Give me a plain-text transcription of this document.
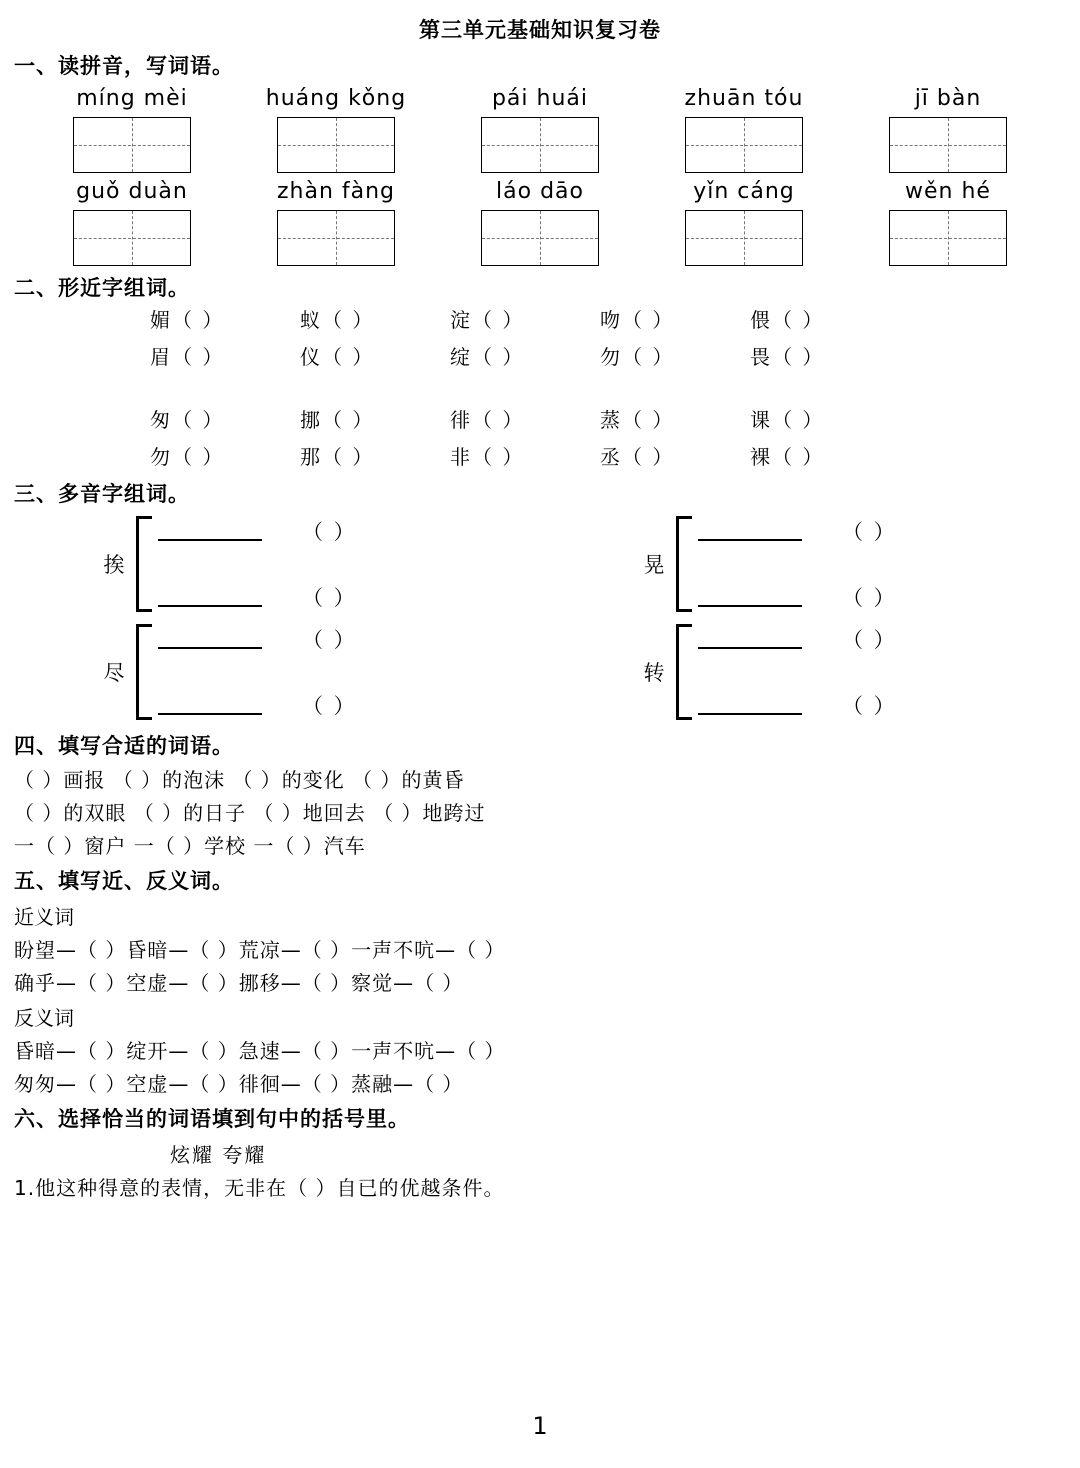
第三单元基础知识复习卷
一、读拼音，写词语。
míng mèi	huáng kǒng	pái huái	zhuān tóu	jī bàn
guǒ duàn	zhàn fàng	láo dāo	yǐn cáng	wěn hé
二、形近字组词。
媚（ ）	蚁（ ）	淀（ ）	吻（ ）	偎（ ）
眉（ ）	仪（ ）	绽（ ）	勿（ ）	畏（ ）
匆（ ）	挪（ ）	徘（ ）	蒸（ ）	课（ ）
勿（ ）	那（ ）	非（ ）	丞（ ）	裸（ ）
三、多音字组词。
挨
（ ）
（ ）
晃
（ ）
（ ）
尽
（ ）
（ ）
转
（ ）
（ ）
四、填写合适的词语。
（ ）画报 （ ）的泡沫 （ ）的变化 （ ）的黄昏
（ ）的双眼 （ ）的日子 （ ）地回去 （ ）地跨过
一（ ）窗户 一（ ）学校 一（ ）汽车
五、填写近、反义词。
近义词
盼望—（ ）昏暗—（ ）荒凉—（ ）一声不吭—（ ）
确乎—（ ）空虚—（ ）挪移—（ ）察觉—（ ）
反义词
昏暗—（ ）绽开—（ ）急速—（ ）一声不吭—（ ）
匆匆—（ ）空虚—（ ）徘徊—（ ）蒸融—（ ）
六、选择恰当的词语填到句中的括号里。
炫耀 夸耀
1.他这种得意的表情，无非在（ ）自已的优越条件。
1
